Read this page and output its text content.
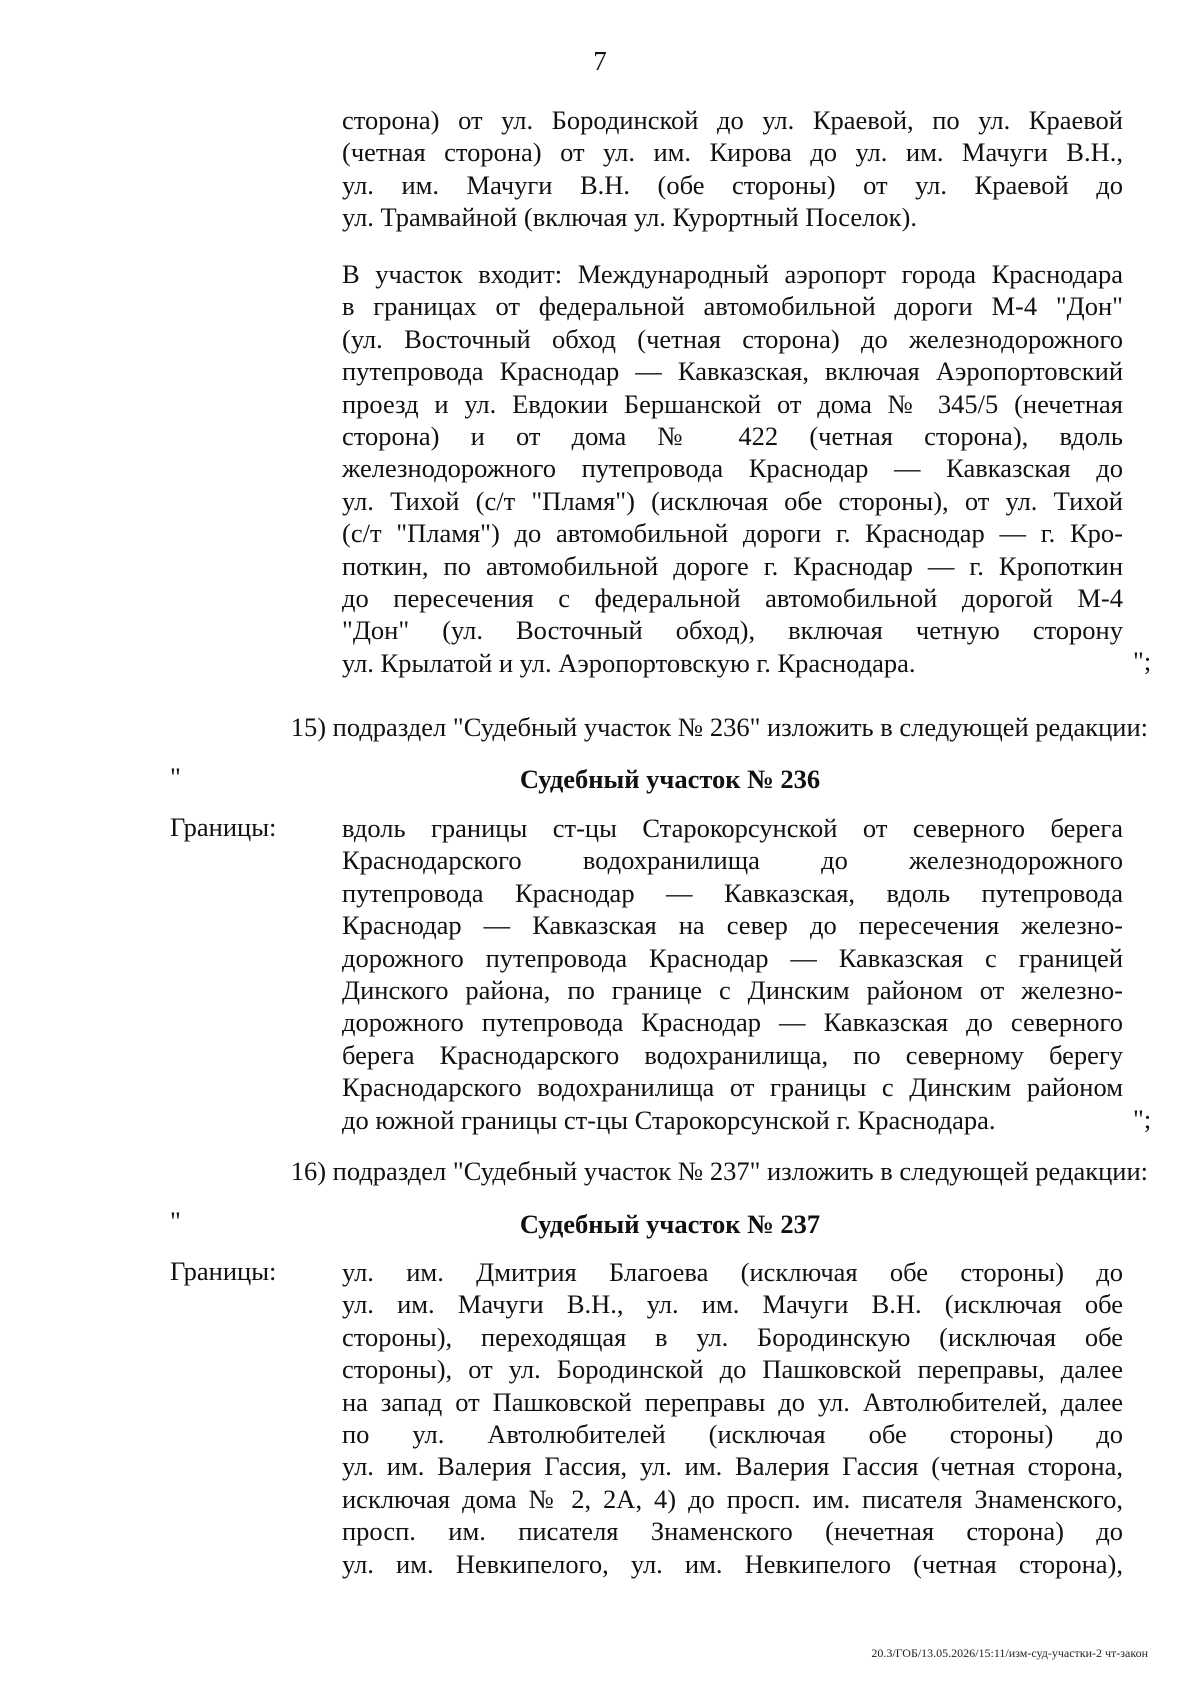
7
сторона) от ул. Бородинской до ул. Краевой, по ул. Краевой
(четная сторона) от ул. им. Кирова до ул. им. Мачуги В.Н.,
ул. им. Мачуги В.Н. (обе стороны) от ул. Краевой до
ул. Трамвайной (включая ул. Курортный Поселок).
В участок входит: Международный аэропорт города Краснодара
в границах от федеральной автомобильной дороги М-4 "Дон"
(ул. Восточный обход (четная сторона) до железнодорожного
путепровода Краснодар — Кавказская, включая Аэропортовский
проезд и ул. Евдокии Бершанской от дома № 345/5 (нечетная
сторона) и от дома № 422 (четная сторона), вдоль
железнодорожного путепровода Краснодар — Кавказская до
ул. Тихой (с/т "Пламя") (исключая обе стороны), от ул. Тихой
(с/т "Пламя") до автомобильной дороги г. Краснодар — г. Кро-
поткин, по автомобильной дороге г. Краснодар — г. Кропоткин
до пересечения с федеральной автомобильной дорогой М-4
"Дон" (ул. Восточный обход), включая четную сторону
ул. Крылатой и ул. Аэропортовскую г. Краснодара.	";
15) подраздел "Судебный участок № 236" изложить в следующей редакции:
"	Судебный участок № 236
Границы: вдоль границы ст-цы Старокорсунской от северного берега
Краснодарского водохранилища до железнодорожного
путепровода Краснодар — Кавказская, вдоль путепровода
Краснодар — Кавказская на север до пересечения железно-
дорожного путепровода Краснодар — Кавказская с границей
Динского района, по границе с Динским районом от железно-
дорожного путепровода Краснодар — Кавказская до северного
берега Краснодарского водохранилища, по северному берегу
Краснодарского водохранилища от границы с Динским районом
до южной границы ст-цы Старокорсунской г. Краснодара.	";
16) подраздел "Судебный участок № 237" изложить в следующей редакции:
"	Судебный участок № 237
Границы: ул. им. Дмитрия Благоева (исключая обе стороны) до
ул. им. Мачуги В.Н., ул. им. Мачуги В.Н. (исключая обе
стороны), переходящая в ул. Бородинскую (исключая обе
стороны), от ул. Бородинской до Пашковской переправы, далее
на запад от Пашковской переправы до ул. Автолюбителей, далее
по ул. Автолюбителей (исключая обе стороны) до
ул. им. Валерия Гассия, ул. им. Валерия Гассия (четная сторона,
исключая дома № 2, 2А, 4) до просп. им. писателя Знаменского,
просп. им. писателя Знаменского (нечетная сторона) до
ул. им. Невкипелого, ул. им. Невкипелого (четная сторона),
20.3/ГОБ/13.05.2026/15:11/изм-суд-участки-2 чт-закон
